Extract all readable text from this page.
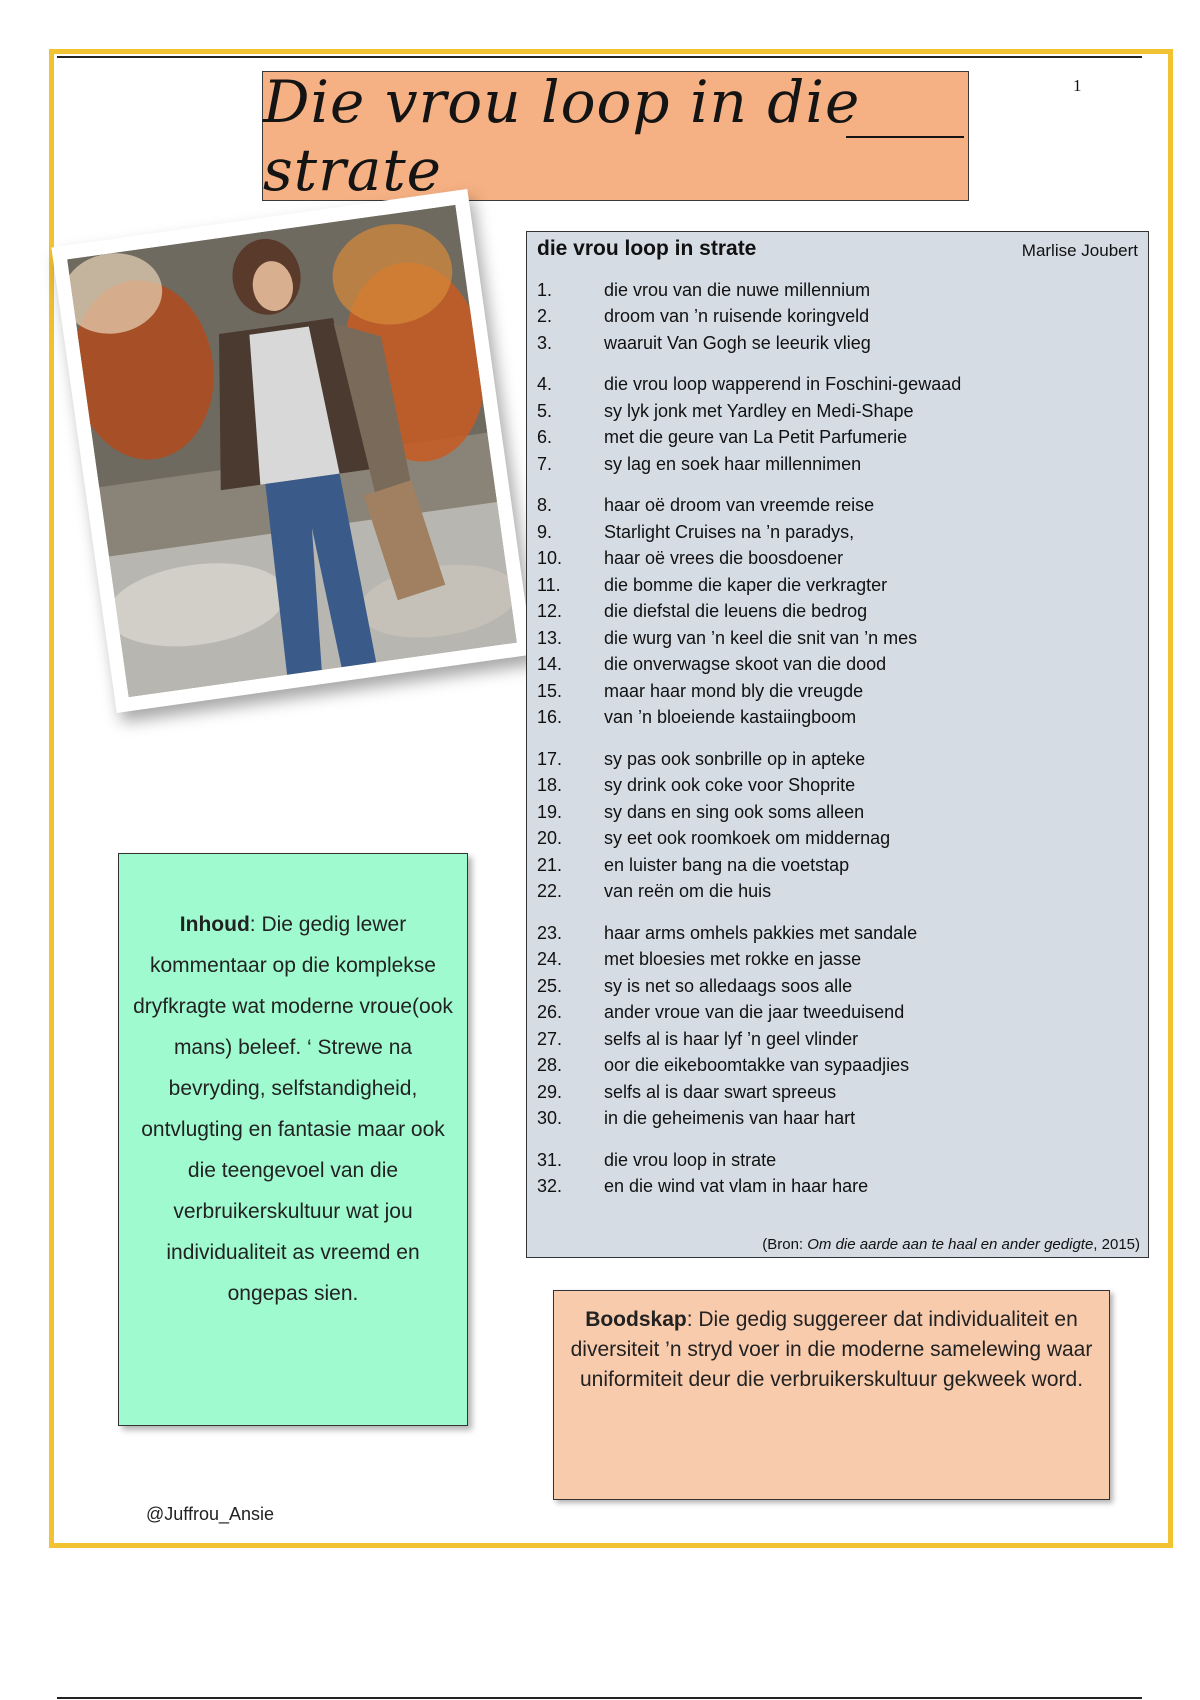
1
Die vrou loop in die strate
die vrou loop in strate	Marlise Joubert
1.	die vrou van die nuwe millennium
2.	droom van ’n ruisende koringveld
3.	waaruit Van Gogh se leeurik vlieg
4.	die vrou loop wapperend in Foschini-gewaad
5.	sy lyk jonk met Yardley en Medi-Shape
6.	met die geure van La Petit Parfumerie
7.	sy lag en soek haar millennimen
8.	haar oë droom van vreemde reise
9.	Starlight Cruises na ’n paradys,
10.	haar oë vrees die boosdoener
11.	die bomme die kaper die verkragter
12.	die diefstal die leuens die bedrog
13.	die wurg van ’n keel die snit van ’n mes
14.	die onverwagse skoot van die dood
15.	maar haar mond bly die vreugde
16.	van ’n bloeiende kastaiingboom
17.	sy pas ook sonbrille op in apteke
18.	sy drink ook coke voor Shoprite
19.	sy dans en sing ook soms alleen
20.	sy eet ook roomkoek om middernag
21.	en luister bang na die voetstap
22.	van reën om die huis
23.	haar arms omhels pakkies met sandale
24.	met bloesies met rokke en jasse
25.	sy is net so alledaags soos alle
26.	ander vroue van die jaar tweeduisend
27.	selfs al is haar lyf ’n geel vlinder
28.	oor die eikeboomtakke van sypaadjies
29.	selfs al is daar swart spreeus
30.	in die geheimenis van haar hart
31.	die vrou loop in strate
32.	en die wind vat vlam in haar hare
(Bron: Om die aarde aan te haal en ander gedigte, 2015)
Inhoud: Die gedig lewer kommentaar op die komplekse dryfkragte wat moderne vroue(ook mans) beleef. ‘ Strewe na bevryding, selfstandigheid, ontvlugting en fantasie maar ook die teengevoel van die verbruikerskultuur wat jou individualiteit as vreemd en ongepas sien.
Boodskap: Die gedig suggereer dat individualiteit en diversiteit ’n stryd voer in die moderne samelewing waar uniformiteit deur die verbruikerskultuur gekweek word.
@Juffrou_Ansie
